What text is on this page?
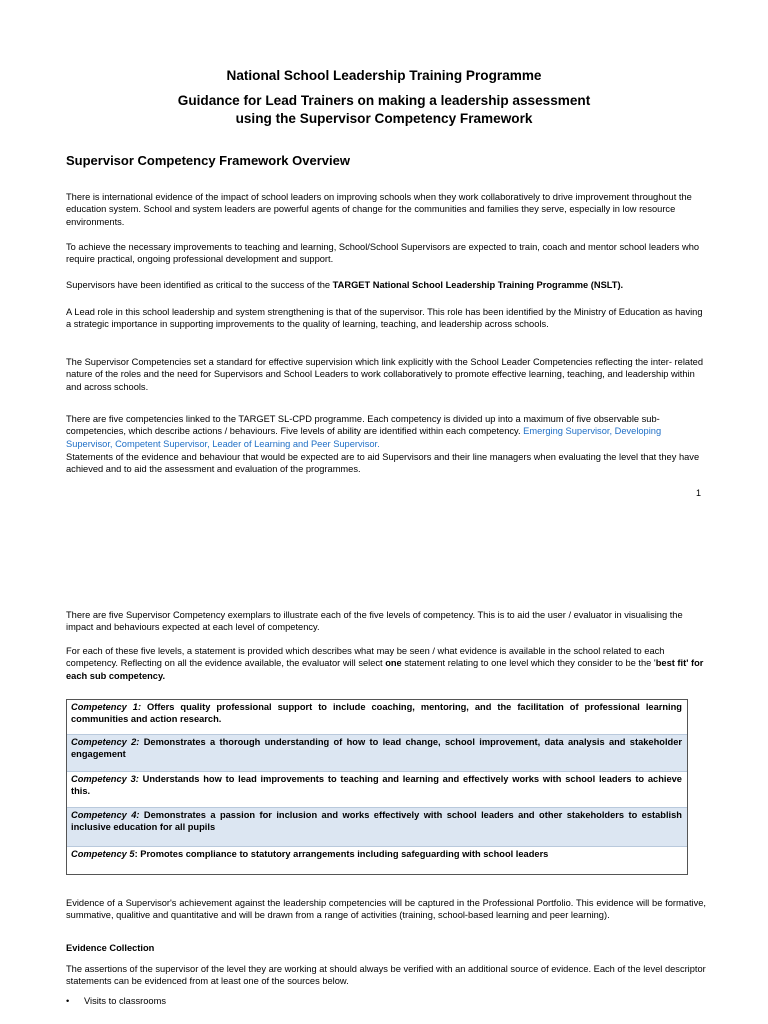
National School Leadership Training Programme
Guidance for Lead Trainers on making a leadership assessment
using the Supervisor Competency Framework
Supervisor Competency Framework Overview

There is international evidence of the impact of school leaders on improving schools when they work collaboratively to drive improvement throughout the education system. School and system leaders are powerful agents of change for the communities and families they serve, especially in low resource environments.

To achieve the necessary improvements to teaching and learning, School/School Supervisors are expected to train, coach and mentor school leaders who require practical, ongoing professional development and support.

Supervisors have been identified as critical to the success of the TARGET National School Leadership Training Programme (NSLT).

A Lead role in this school leadership and system strengthening is that of the supervisor. This role has been identified by the Ministry of Education as having a strategic importance in supporting improvements to the quality of learning, teaching, and leadership across schools.

The Supervisor Competencies set a standard for effective supervision which link explicitly with the School Leader Competencies reflecting the inter- related nature of the roles and the need for Supervisors and School Leaders to work collaboratively to promote effective learning, teaching, and leadership within and across schools.

There are five competencies linked to the TARGET SL-CPD programme. Each competency is divided up into a maximum of five observable sub-competencies, which describe actions / behaviours. Five levels of ability are identified within each competency. Emerging Supervisor, Developing Supervisor, Competent Supervisor, Leader of Learning and Peer Supervisor.

Statements of the evidence and behaviour that would be expected are to aid Supervisors and their line managers when evaluating the level that they have achieved and to aid the assessment and evaluation of the programmes.

1

There are five Supervisor Competency exemplars to illustrate each of the five levels of competency. This is to aid the user / evaluator in visualising the impact and behaviours expected at each level of competency.

For each of these five levels, a statement is provided which describes what may be seen / what evidence is available in the school related to each competency. Reflecting on all the evidence available, the evaluator will select one statement relating to one level which they consider to be the 'best fit' for each sub competency.

Competency 1: Offers quality professional support to include coaching, mentoring, and the facilitation of professional learning communities and action research.
Competency 2: Demonstrates a thorough understanding of how to lead change, school improvement, data analysis and stakeholder engagement
Competency 3: Understands how to lead improvements to teaching and learning and effectively works with school leaders to achieve this.
Competency 4: Demonstrates a passion for inclusion and works effectively with school leaders and other stakeholders to establish inclusive education for all pupils
Competency 5: Promotes compliance to statutory arrangements including safeguarding with school leaders

Evidence of a Supervisor's achievement against the leadership competencies will be captured in the Professional Portfolio. This evidence will be formative, summative, qualitive and quantitative and will be drawn from a range of activities (training, school-based learning and peer learning).

Evidence Collection

The assertions of the supervisor of the level they are working at should always be verified with an additional source of evidence. Each of the level descriptor statements can be evidenced from at least one of the sources below.

• Visits to classrooms
